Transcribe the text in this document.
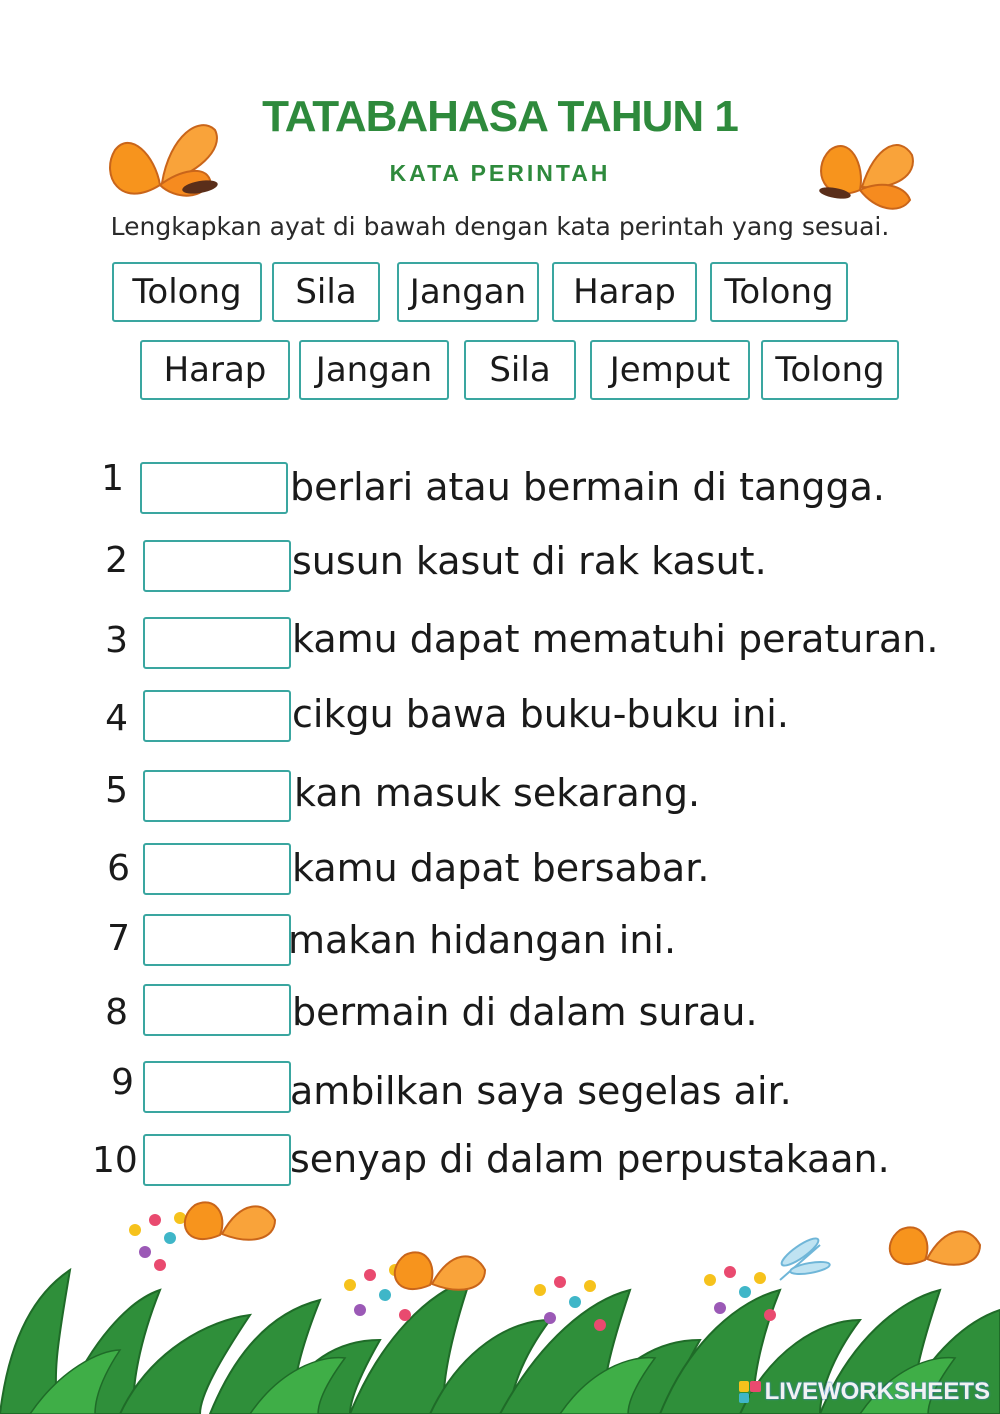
TATABAHASA TAHUN 1
KATA PERINTAH
Lengkapkan ayat di bawah dengan kata perintah yang sesuai.
Tolong	Sila	Jangan	Harap	Tolong
Harap	Jangan	Sila	Jemput	Tolong
1	berlari atau bermain di tangga.
2	susun kasut di rak kasut.
3	kamu dapat mematuhi peraturan.
4	cikgu bawa buku-buku ini.
5	kan masuk sekarang.
6	kamu dapat bersabar.
7	makan hidangan ini.
8	bermain di dalam surau.
9	ambilkan saya segelas air.
10	senyap di dalam perpustakaan.
LIVEWORKSHEETS
